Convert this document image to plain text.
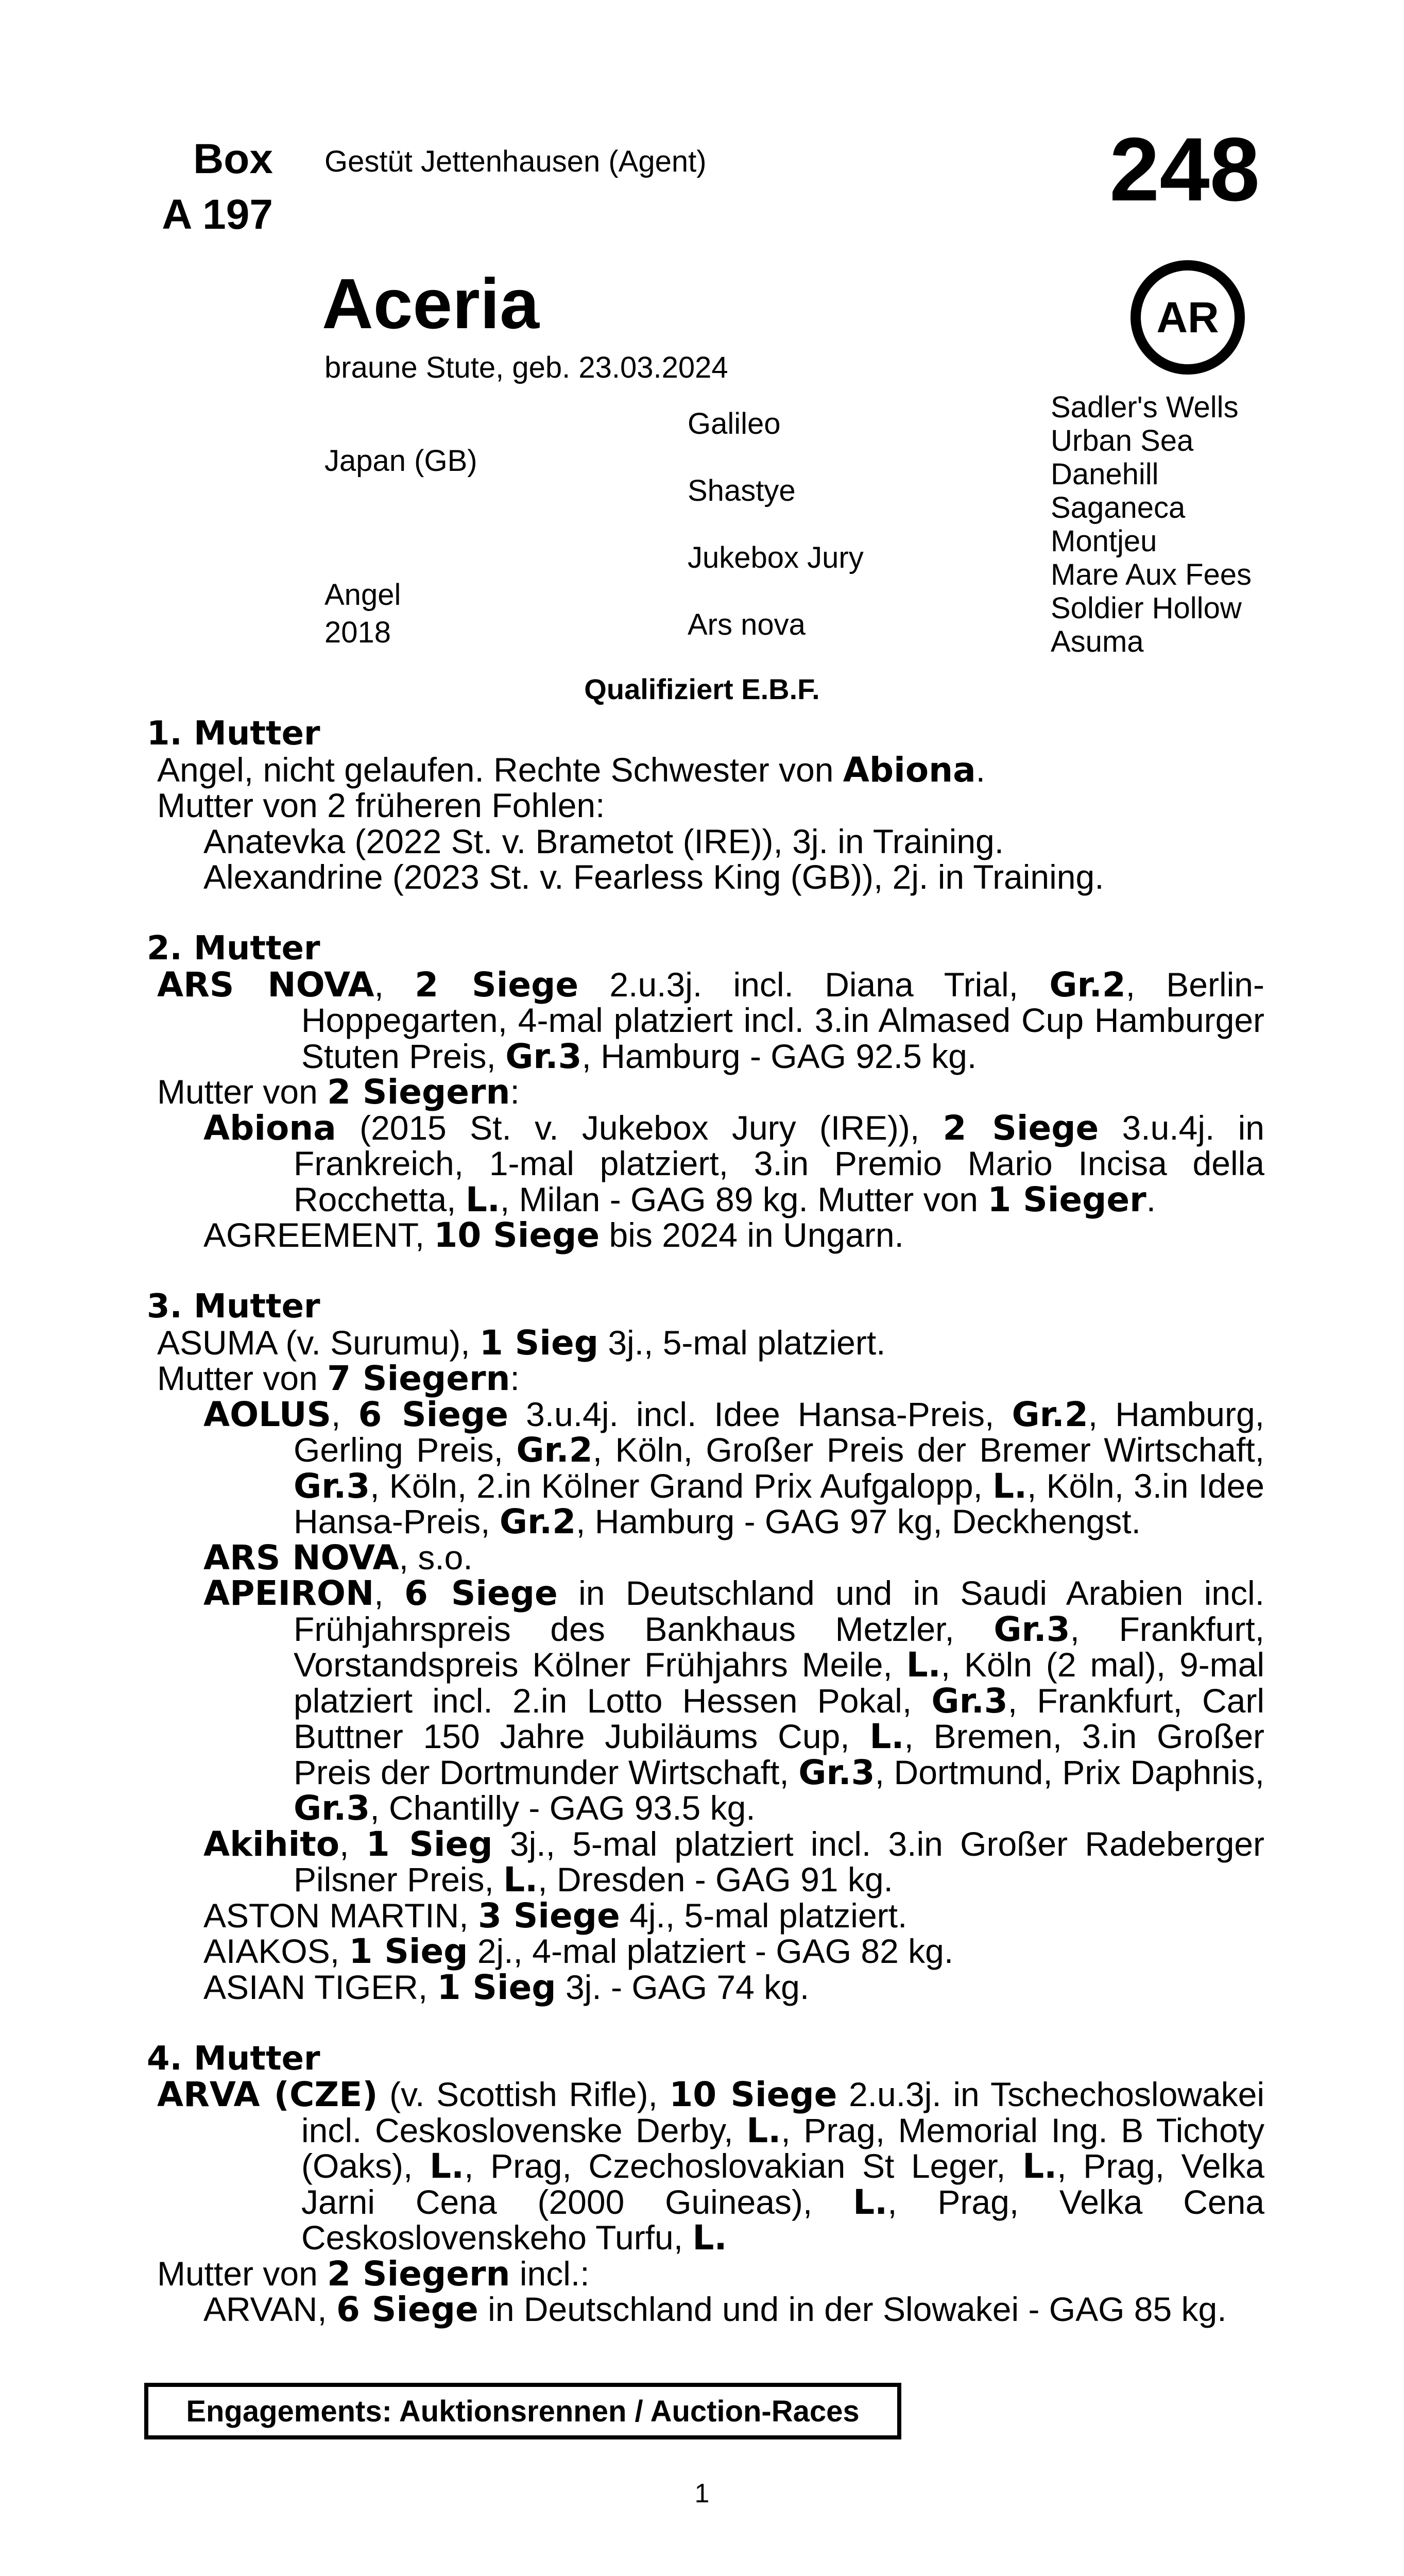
Box
A 197
Gestüt Jettenhausen (Agent)	248
Aceria	AR
braune Stute, geb. 23.03.2024
Japan (GB)
Angel
2018
Galileo
Shastye
Jukebox Jury
Ars nova
Sadler's Wells
Urban Sea
Danehill
Saganeca
Montjeu
Mare Aux Fees
Soldier Hollow
Asuma
Qualifiziert E.B.F.
1. Mutter
Angel, nicht gelaufen. Rechte Schwester von Abiona.
Mutter von 2 früheren Fohlen:
Anatevka (2022 St. v. Brametot (IRE)), 3j. in Training.
Alexandrine (2023 St. v. Fearless King (GB)), 2j. in Training.
2. Mutter
ARS NOVA, 2 Siege 2.u.3j. incl. Diana Trial, Gr.2, Berlin-Hoppegarten, 4-mal platziert incl. 3.in Almased Cup Hamburger Stuten Preis, Gr.3, Hamburg - GAG 92.5 kg.
Mutter von 2 Siegern:
Abiona (2015 St. v. Jukebox Jury (IRE)), 2 Siege 3.u.4j. in Frankreich, 1-mal platziert, 3.in Premio Mario Incisa della Rocchetta, L., Milan - GAG 89 kg. Mutter von 1 Sieger.
AGREEMENT, 10 Siege bis 2024 in Ungarn.
3. Mutter
ASUMA (v. Surumu), 1 Sieg 3j., 5-mal platziert.
Mutter von 7 Siegern:
AOLUS, 6 Siege 3.u.4j. incl. Idee Hansa-Preis, Gr.2, Hamburg, Gerling Preis, Gr.2, Köln, Großer Preis der Bremer Wirtschaft, Gr.3, Köln, 2.in Kölner Grand Prix Aufgalopp, L., Köln, 3.in Idee Hansa-Preis, Gr.2, Hamburg - GAG 97 kg, Deckhengst.
ARS NOVA, s.o.
APEIRON, 6 Siege in Deutschland und in Saudi Arabien incl. Frühjahrspreis des Bankhaus Metzler, Gr.3, Frankfurt, Vorstandspreis Kölner Frühjahrs Meile, L., Köln (2 mal), 9-mal platziert incl. 2.in Lotto Hessen Pokal, Gr.3, Frankfurt, Carl Buttner 150 Jahre Jubiläums Cup, L., Bremen, 3.in Großer Preis der Dortmunder Wirtschaft, Gr.3, Dortmund, Prix Daphnis, Gr.3, Chantilly - GAG 93.5 kg.
Akihito, 1 Sieg 3j., 5-mal platziert incl. 3.in Großer Radeberger Pilsner Preis, L., Dresden - GAG 91 kg.
ASTON MARTIN, 3 Siege 4j., 5-mal platziert.
AIAKOS, 1 Sieg 2j., 4-mal platziert - GAG 82 kg.
ASIAN TIGER, 1 Sieg 3j. - GAG 74 kg.
4. Mutter
ARVA (CZE) (v. Scottish Rifle), 10 Siege 2.u.3j. in Tschechoslowakei incl. Ceskoslovenske Derby, L., Prag, Memorial Ing. B Tichoty (Oaks), L., Prag, Czechoslovakian St Leger, L., Prag, Velka Jarni Cena (2000 Guineas), L., Prag, Velka Cena Ceskoslovenskeho Turfu, L.
Mutter von 2 Siegern incl.:
ARVAN, 6 Siege in Deutschland und in der Slowakei - GAG 85 kg.
Engagements: Auktionsrennen / Auction-Races
1
